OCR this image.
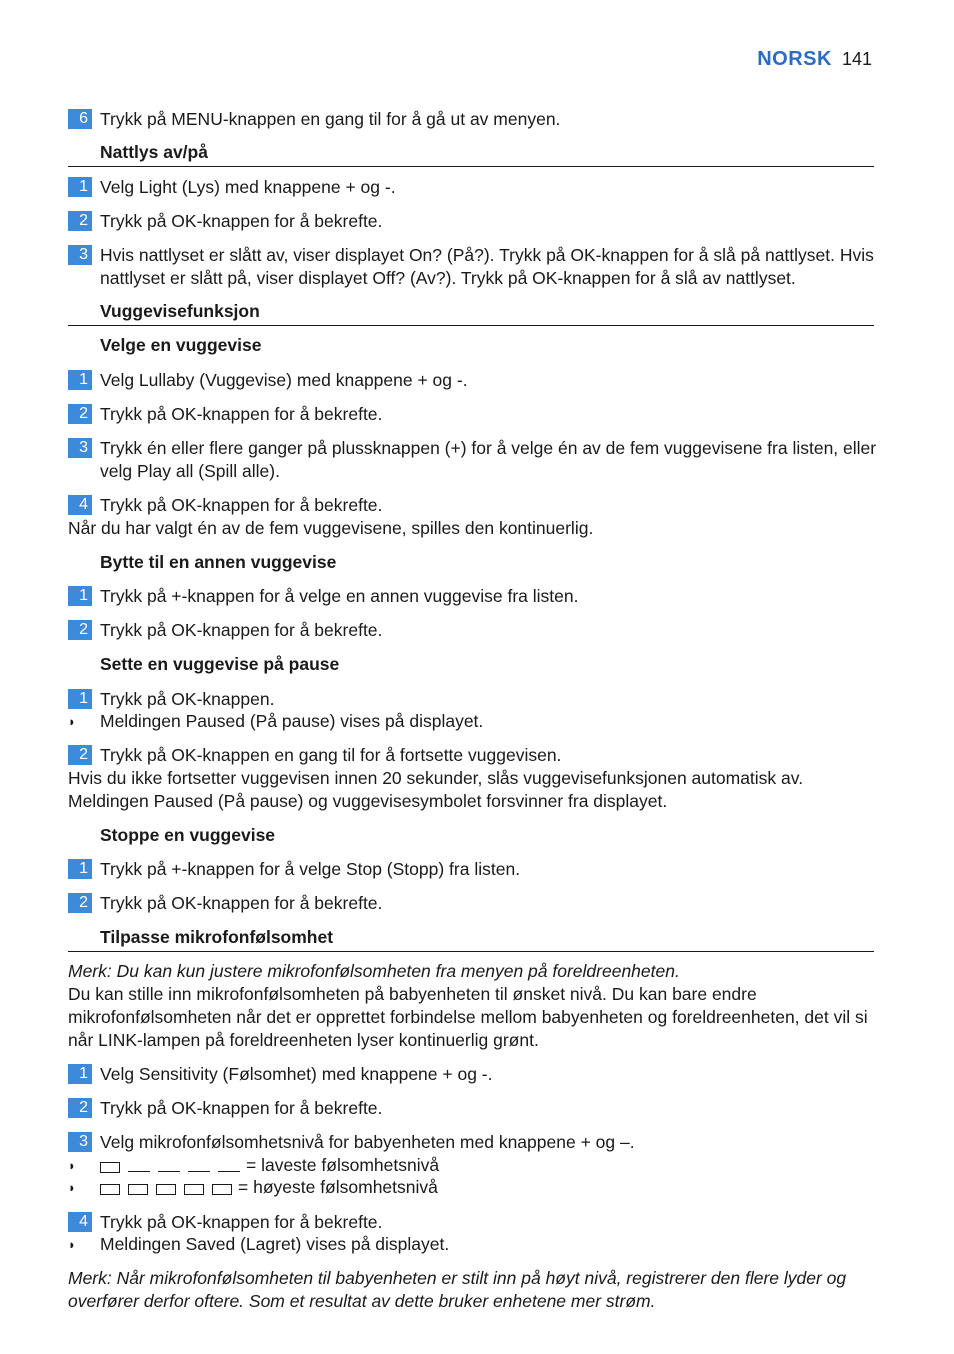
NORSK 141
6 Trykk på MENU-knappen en gang til for å gå ut av menyen.
Nattlys av/på
1 Velg Light (Lys) med knappene + og -.
2 Trykk på OK-knappen for å bekrefte.
3 Hvis nattlyset er slått av, viser displayet On? (På?). Trykk på OK-knappen for å slå på nattlyset. Hvis nattlyset er slått på, viser displayet Off? (Av?). Trykk på OK-knappen for å slå av nattlyset.
Vuggevisefunksjon
Velge en vuggevise
1 Velg Lullaby (Vuggevise) med knappene + og -.
2 Trykk på OK-knappen for å bekrefte.
3 Trykk én eller flere ganger på plussknappen (+) for å velge én av de fem vuggevisene fra listen, eller velg Play all (Spill alle).
4 Trykk på OK-knappen for å bekrefte.
Når du har valgt én av de fem vuggevisene, spilles den kontinuerlig.
Bytte til en annen vuggevise
1 Trykk på +-knappen for å velge en annen vuggevise fra listen.
2 Trykk på OK-knappen for å bekrefte.
Sette en vuggevise på pause
1 Trykk på OK-knappen.
◗	Meldingen Paused (På pause) vises på displayet.
2 Trykk på OK-knappen en gang til for å fortsette vuggevisen.
Hvis du ikke fortsetter vuggevisen innen 20 sekunder, slås vuggevisefunksjonen automatisk av.
Meldingen Paused (På pause) og vuggevisesymbolet forsvinner fra displayet.
Stoppe en vuggevise
1 Trykk på +-knappen for å velge Stop (Stopp) fra listen.
2 Trykk på OK-knappen for å bekrefte.
Tilpasse mikrofonfølsomhet
Merk: Du kan kun justere mikrofonfølsomheten fra menyen på foreldreenheten.
Du kan stille inn mikrofonfølsomheten på babyenheten til ønsket nivå. Du kan bare endre mikrofonfølsomheten når det er opprettet forbindelse mellom babyenheten og foreldreenheten, det vil si når LINK-lampen på foreldreenheten lyser kontinuerlig grønt.
1 Velg Sensitivity (Følsomhet) med knappene + og -.
2 Trykk på OK-knappen for å bekrefte.
3 Velg mikrofonfølsomhetsnivå for babyenheten med knappene + og –.
◗	= laveste følsomhetsnivå
◗	= høyeste følsomhetsnivå
4 Trykk på OK-knappen for å bekrefte.
◗	Meldingen Saved (Lagret) vises på displayet.
Merk: Når mikrofonfølsomheten til babyenheten er stilt inn på høyt nivå, registrerer den flere lyder og overfører derfor oftere. Som et resultat av dette bruker enhetene mer strøm.
